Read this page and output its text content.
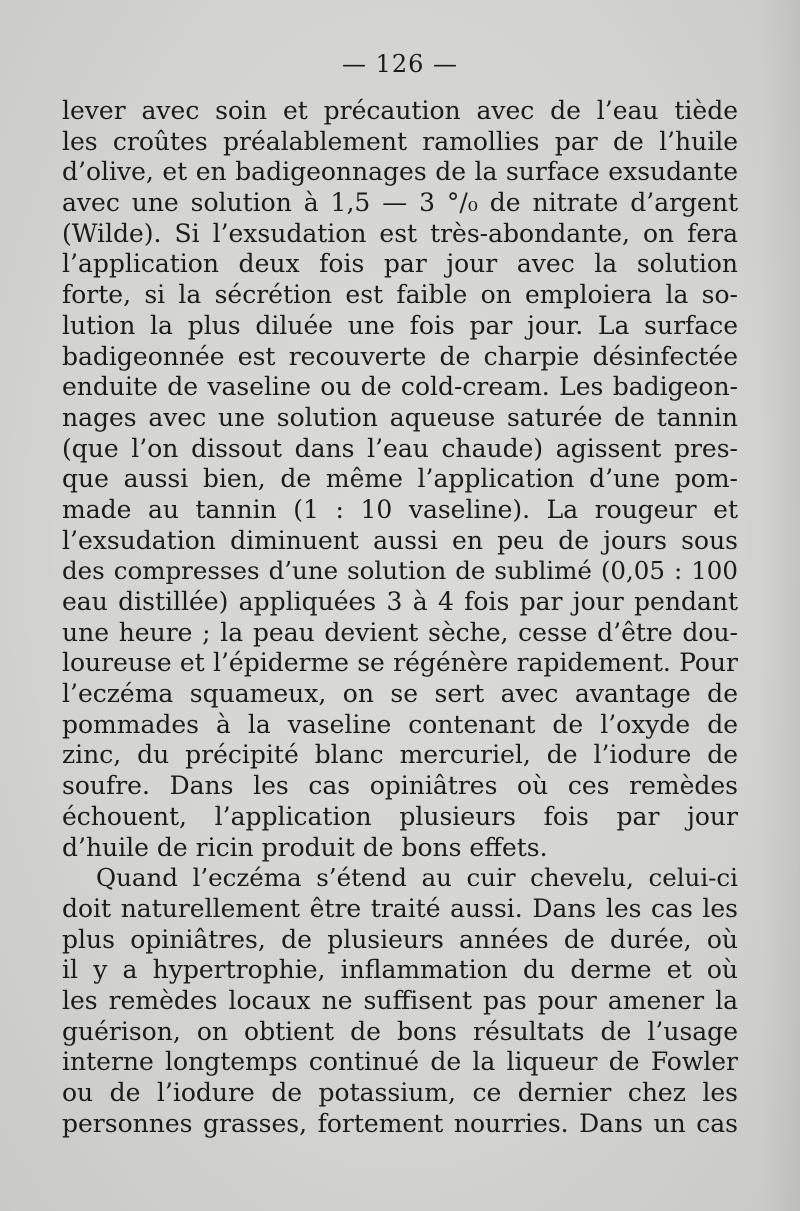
— 126 —
lever avec soin et précaution avec de l’eau tiède
les croûtes préalablement ramollies par de l’huile
d’olive, et en badigeonnages de la surface exsudante
avec une solution à 1,5 — 3 °/₀ de nitrate d’argent
(Wilde). Si l’exsudation est très-abondante, on fera
l’application deux fois par jour avec la solution
forte, si la sécrétion est faible on emploiera la so-
lution la plus diluée une fois par jour. La surface
badigeonnée est recouverte de charpie désinfectée
enduite de vaseline ou de cold-cream. Les badigeon-
nages avec une solution aqueuse saturée de tannin
(que l’on dissout dans l’eau chaude) agissent pres-
que aussi bien, de même l’application d’une pom-
made au tannin (1 : 10 vaseline). La rougeur et
l’exsudation diminuent aussi en peu de jours sous
des compresses d’une solution de sublimé (0,05 : 100
eau distillée) appliquées 3 à 4 fois par jour pendant
une heure ; la peau devient sèche, cesse d’être dou-
loureuse et l’épiderme se régénère rapidement. Pour
l’eczéma squameux, on se sert avec avantage de
pommades à la vaseline contenant de l’oxyde de
zinc, du précipité blanc mercuriel, de l’iodure de
soufre. Dans les cas opiniâtres où ces remèdes
échouent, l’application plusieurs fois par jour
d’huile de ricin produit de bons effets.
Quand l’eczéma s’étend au cuir chevelu, celui-ci
doit naturellement être traité aussi. Dans les cas les
plus opiniâtres, de plusieurs années de durée, où
il y a hypertrophie, inflammation du derme et où
les remèdes locaux ne suffisent pas pour amener la
guérison, on obtient de bons résultats de l’usage
interne longtemps continué de la liqueur de Fowler
ou de l’iodure de potassium, ce dernier chez les
personnes grasses, fortement nourries. Dans un cas
